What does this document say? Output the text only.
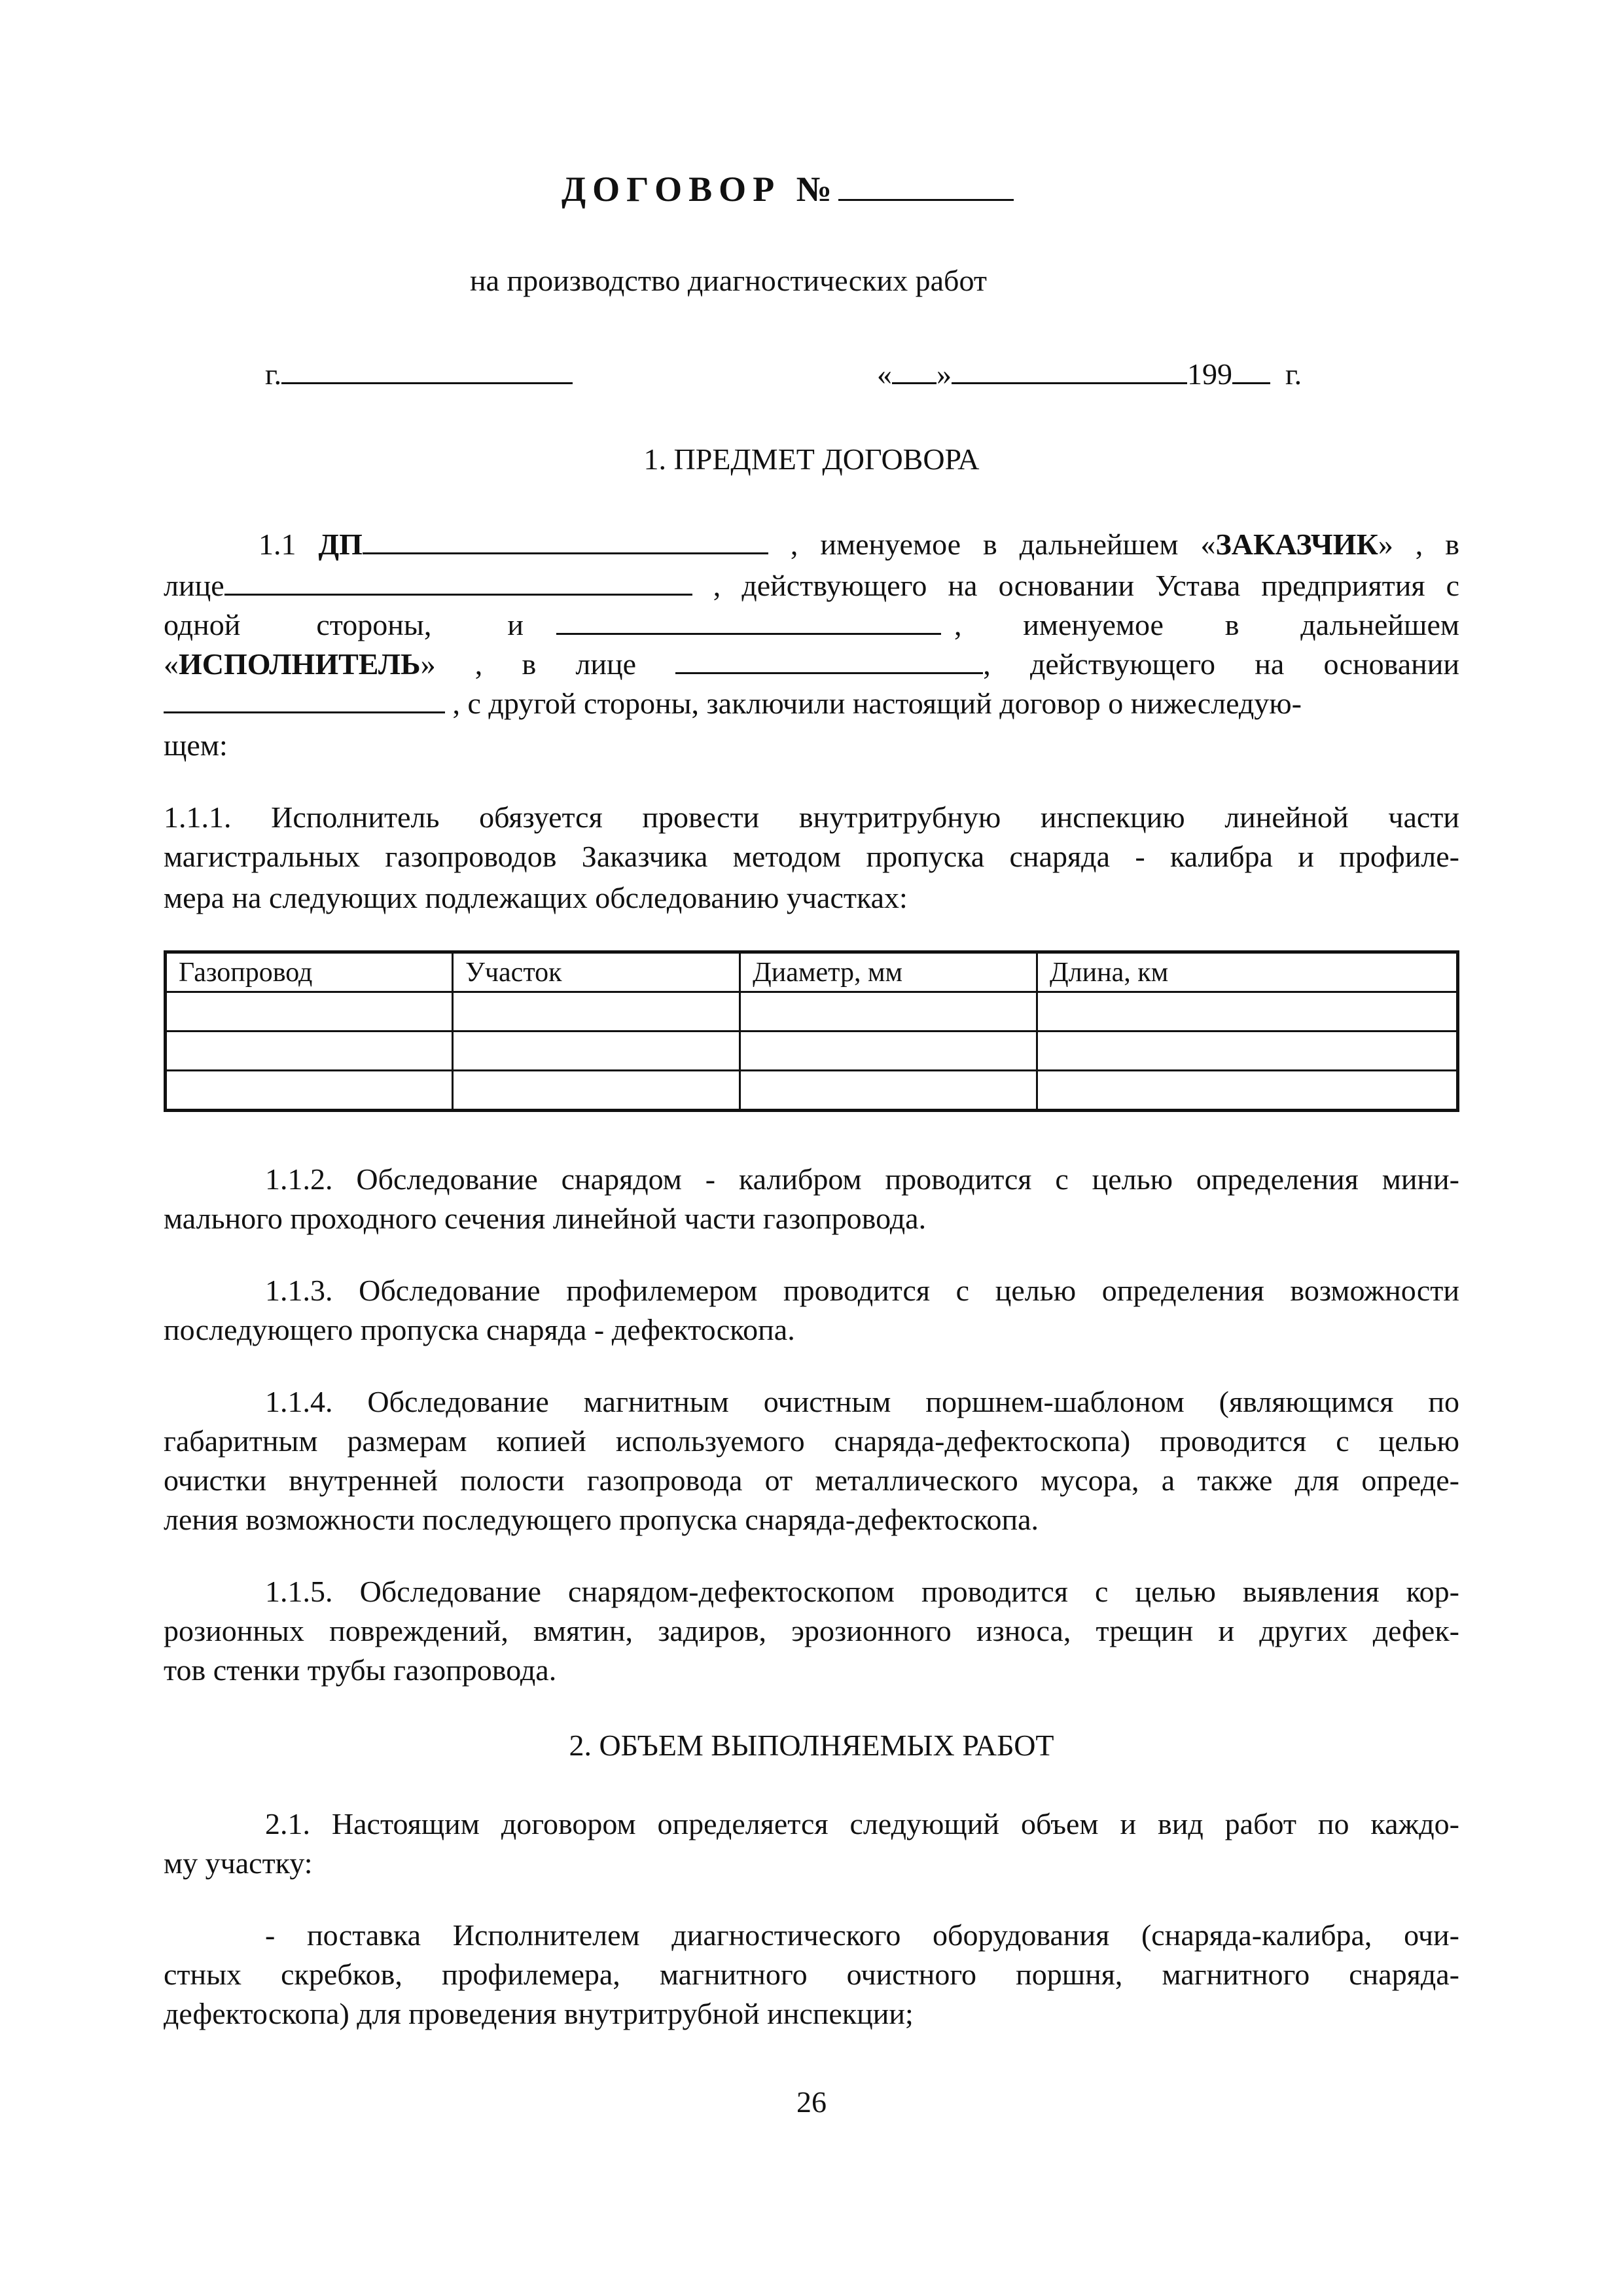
ДОГОВОР №
на производство диагностических работ
г.	« »	199 г.
1. ПРЕДМЕТ ДОГОВОРА
1.1 ДП	, именуемое в дальнейшем «ЗАКАЗЧИК» , в
лице	, действующего на основании Устава предприятия с
одной стороны, и	, именуемое в дальнейшем
«ИСПОЛНИТЕЛЬ» , в лице	, действующего на основании
, с другой стороны, заключили настоящий договор о нижеследую-
щем:
1.1.1. Исполнитель обязуется провести внутритрубную инспекцию линейной части
магистральных газопроводов Заказчика методом пропуска снаряда - калибра и профиле-
мера на следующих подлежащих обследованию участках:
Газопровод	Участок	Диаметр, мм	Длина, км

1.1.2. Обследование снарядом - калибром проводится с целью определения мини-
мального проходного сечения линейной части газопровода.
1.1.3. Обследование профилемером проводится с целью определения возможности
последующего пропуска снаряда - дефектоскопа.
1.1.4. Обследование магнитным очистным поршнем-шаблоном (являющимся по
габаритным размерам копией используемого снаряда-дефектоскопа) проводится с целью
очистки внутренней полости газопровода от металлического мусора, а также для опреде-
ления возможности последующего пропуска снаряда-дефектоскопа.
1.1.5. Обследование снарядом-дефектоскопом проводится с целью выявления кор-
розионных повреждений, вмятин, задиров, эрозионного износа, трещин и других дефек-
тов стенки трубы газопровода.
2. ОБЪЕМ ВЫПОЛНЯЕМЫХ РАБОТ
2.1. Настоящим договором определяется следующий объем и вид работ по каждо-
му участку:
- поставка Исполнителем диагностического оборудования (снаряда-калибра, очи-
стных скребков, профилемера, магнитного очистного поршня, магнитного снаряда-
дефектоскопа) для проведения внутритрубной инспекции;
26
